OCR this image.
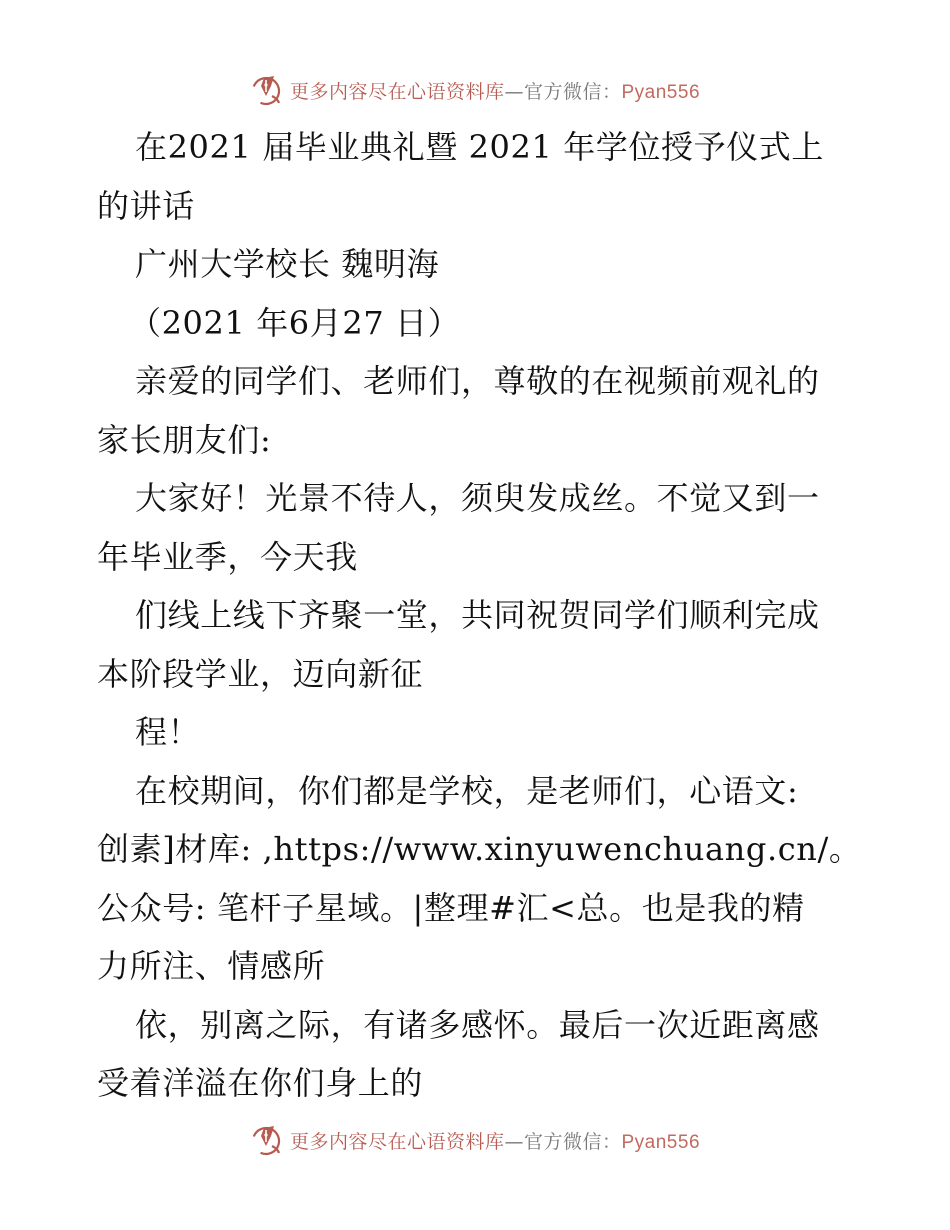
更多内容尽在心语资料库—官方微信：Pyan556
在2021 届毕业典礼暨 2021 年学位授予仪式上
的讲话
广州大学校长 魏明海
（2021 年6月27 日）
亲爱的同学们、老师们，尊敬的在视频前观礼的
家长朋友们:
大家好！光景不待人，须臾发成丝。不觉又到一
年毕业季，今天我
们线上线下齐聚一堂，共同祝贺同学们顺利完成
本阶段学业，迈向新征
程！
在校期间，你们都是学校，是老师们，心语文:
创素]材库: ,https://www.xinyuwenchuang.cn/。
公众号: 笔杆子星域。|整理#汇<总。也是我的精
力所注、情感所
依，别离之际，有诸多感怀。最后一次近距离感
受着洋溢在你们身上的
更多内容尽在心语资料库—官方微信：Pyan556
